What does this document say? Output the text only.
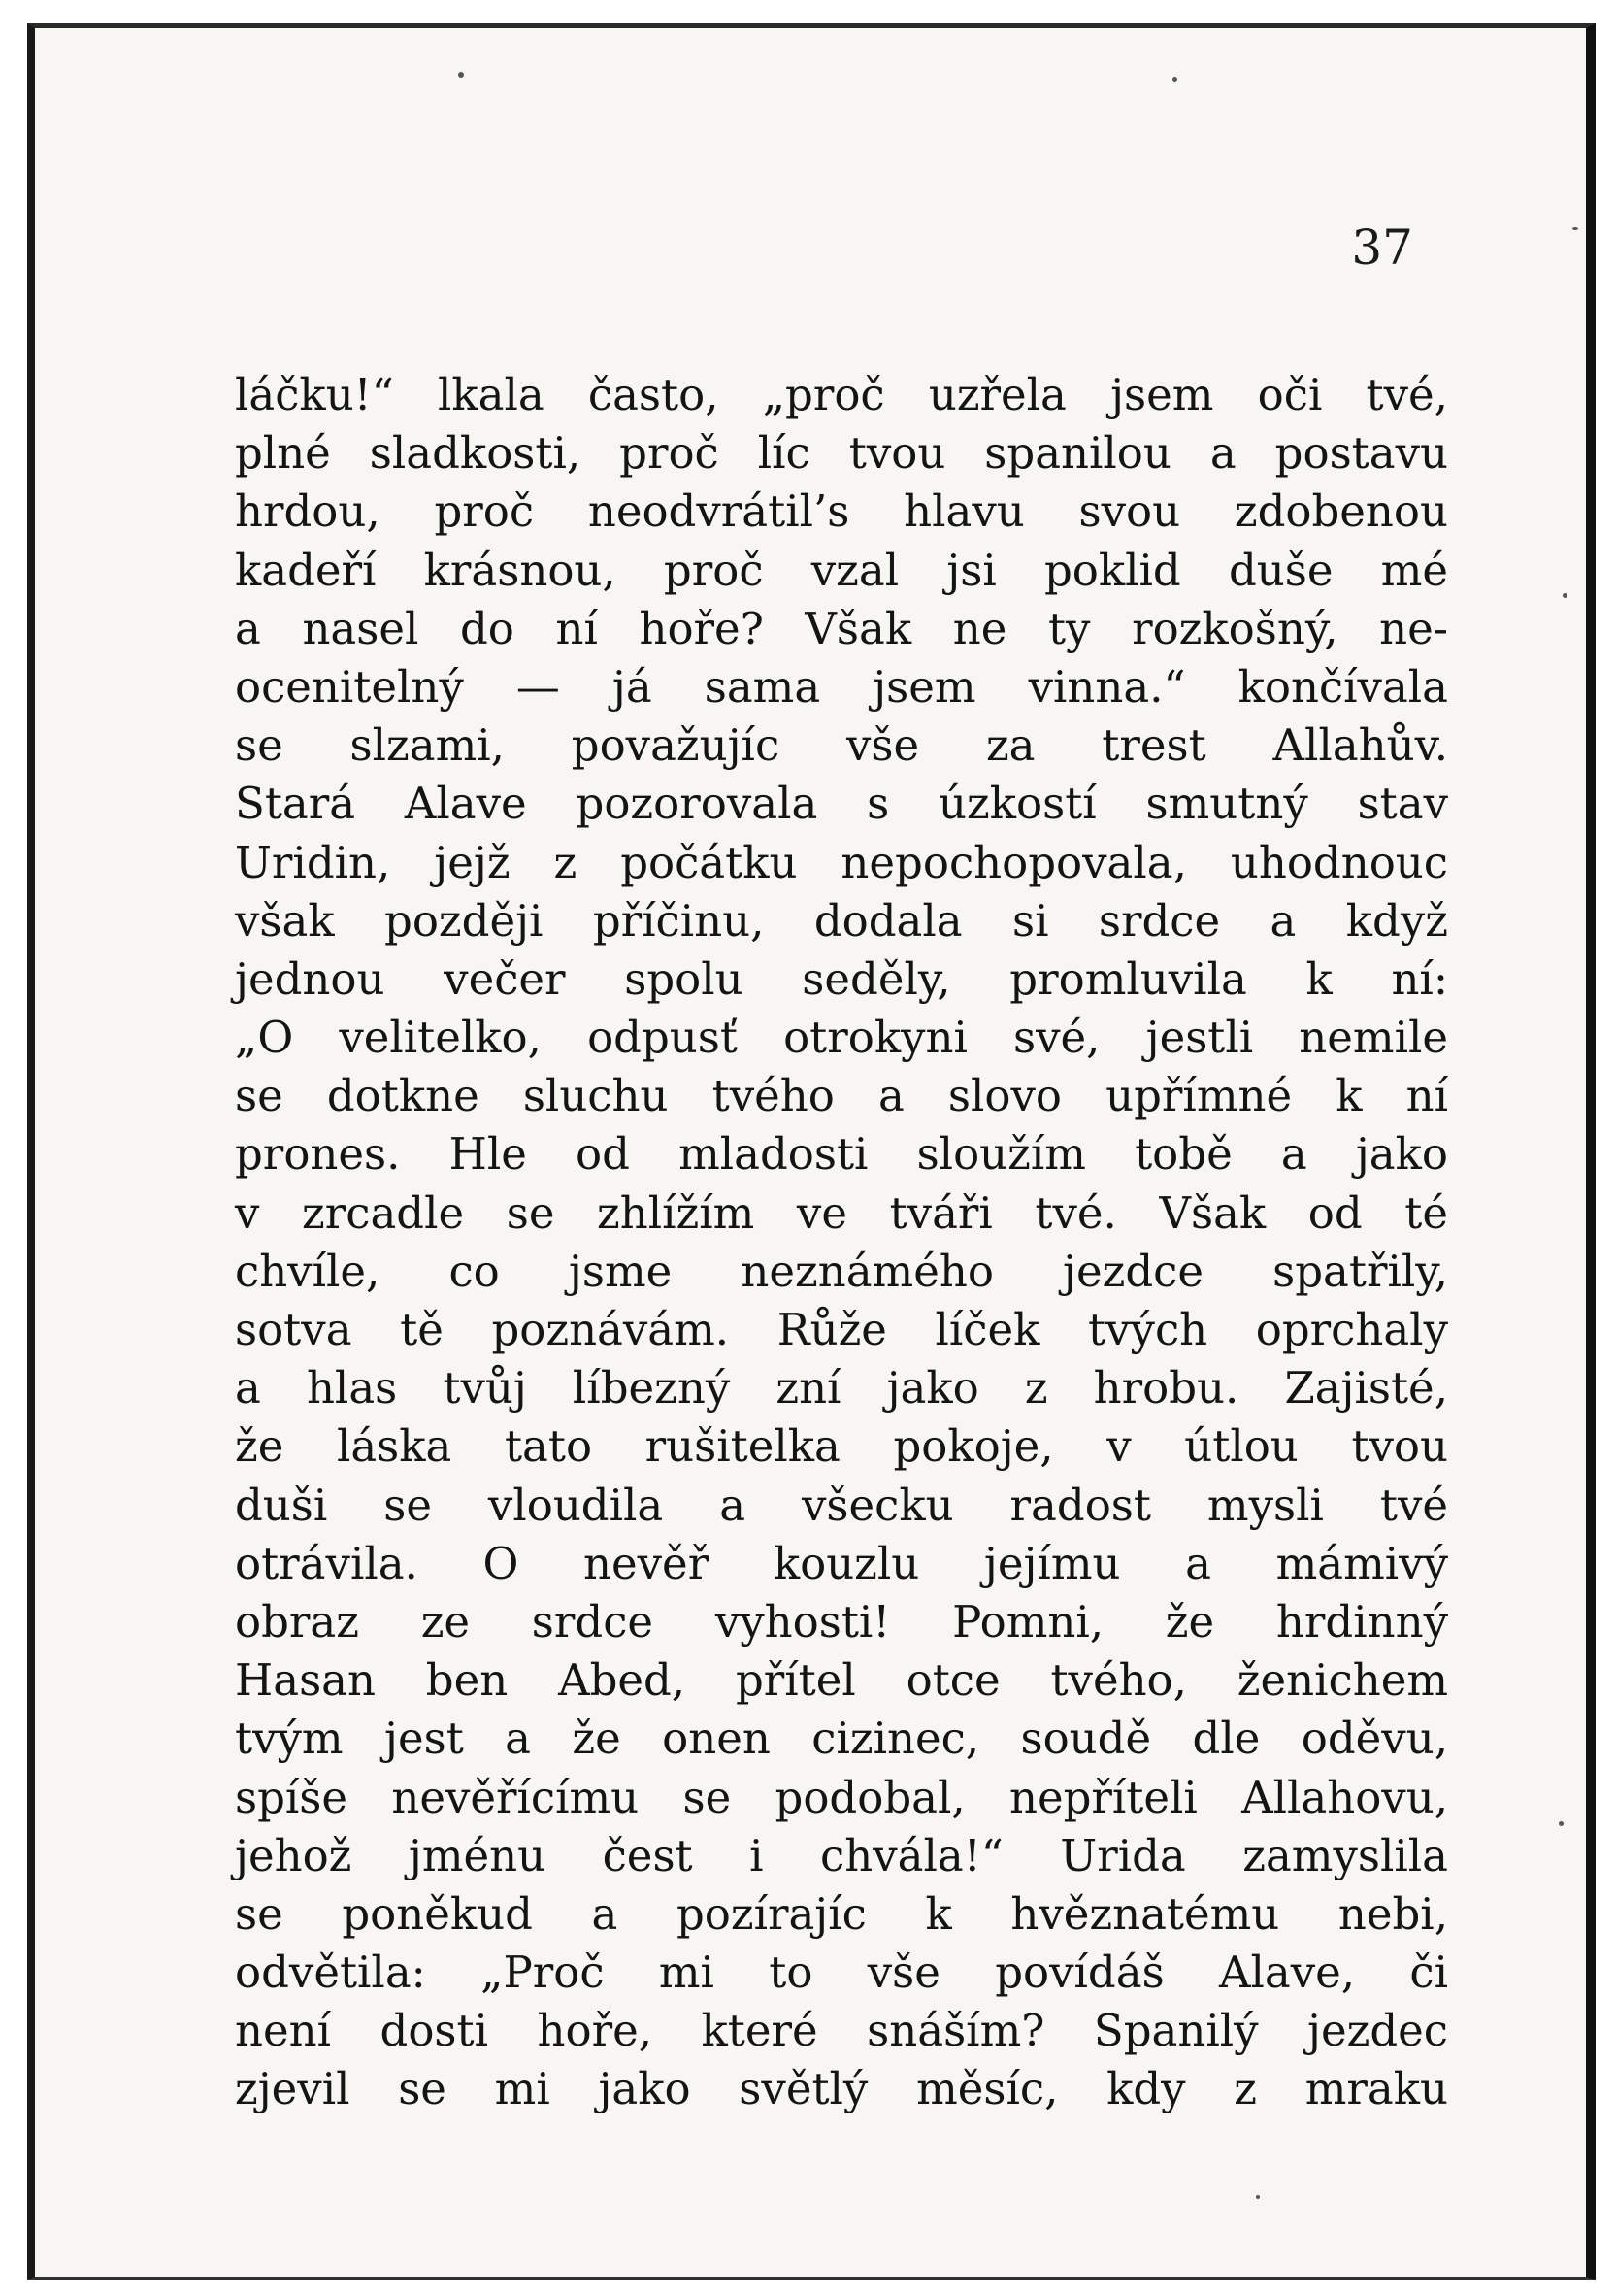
37

láčku!“ lkala často, „proč uzřela jsem oči tvé,
plné sladkosti, proč líc tvou spanilou a postavu
hrdou, proč neodvrátil’s hlavu svou zdobenou
kadeří krásnou, proč vzal jsi poklid duše mé
a nasel do ní hoře? Však ne ty rozkošný, ne-
ocenitelný — já sama jsem vinna.“ končívala
se slzami, považujíc vše za trest Allahův.
Stará Alave pozorovala s úzkostí smutný stav
Uridin, jejž z počátku nepochopovala, uhodnouc
však později příčinu, dodala si srdce a když
jednou večer spolu seděly, promluvila k ní:
„O velitelko, odpusť otrokyni své, jestli nemile
se dotkne sluchu tvého a slovo upřímné k ní
prones. Hle od mladosti sloužím tobě a jako
v zrcadle se zhlížím ve tváři tvé. Však od té
chvíle, co jsme neznámého jezdce spatřily,
sotva tě poznávám. Růže líček tvých oprchaly
a hlas tvůj líbezný zní jako z hrobu. Zajisté,
že láska tato rušitelka pokoje, v útlou tvou
duši se vloudila a všecku radost mysli tvé
otrávila. O nevěř kouzlu jejímu a mámivý
obraz ze srdce vyhosti! Pomni, že hrdinný
Hasan ben Abed, přítel otce tvého, ženichem
tvým jest a že onen cizinec, soudě dle oděvu,
spíše nevěřícímu se podobal, nepříteli Allahovu,
jehož jménu čest i chvála!“ Urida zamyslila
se poněkud a pozírajíc k hvěznatému nebi,
odvětila: „Proč mi to vše povídáš Alave, či
není dosti hoře, které snáším? Spanilý jezdec
zjevil se mi jako světlý měsíc, kdy z mraku
